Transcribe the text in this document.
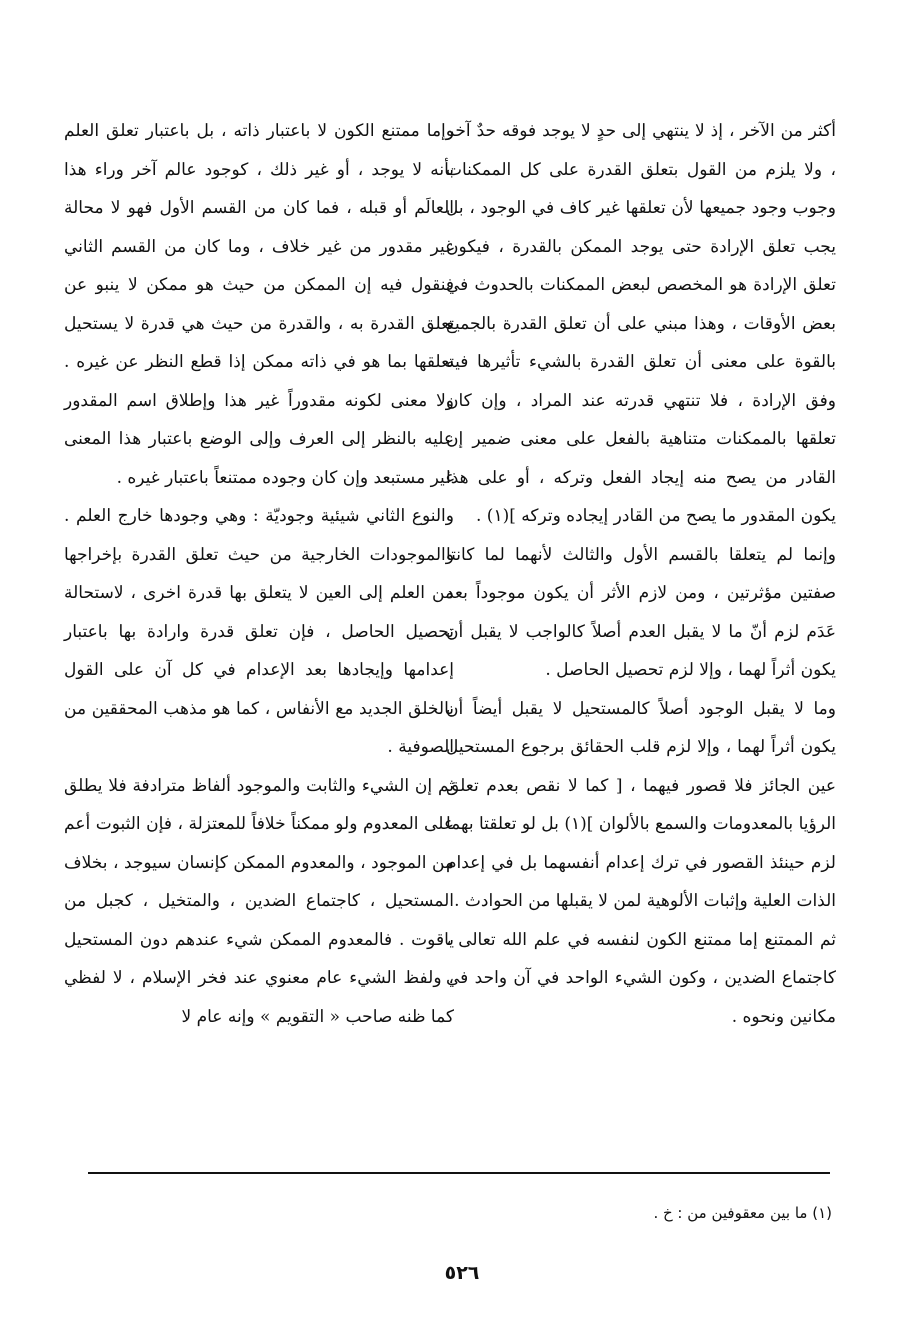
أكثر من الآخر ، إذ لا ينتهي إلى حدٍ لا يوجد فوقه حدٌ آخر ، ولا يلزم من القول بتعلق القدرة على كل الممكنات وجوب وجود جميعها لأن تعلقها غير كاف في الوجود ، بل يجب تعلق الإرادة حتى يوجد الممكن بالقدرة ، فيكون تعلق الإرادة هو المخصص لبعض الممكنات بالحدوث في بعض الأوقات ، وهذا مبني على أن تعلق القدرة بالجميع بالقوة على معنى أن تعلق القدرة بالشيء تأثيرها فيه وفق الإرادة ، فلا تنتهي قدرته عند المراد ، وإن كان تعلقها بالممكنات متناهية بالفعل على معنى ضمير إن القادر من يصح منه إيجاد الفعل وتركه ، أو على هذا يكون المقدور ما يصح من القادر إيجاده وتركه ](١) .

وإنما لم يتعلقا بالقسم الأول والثالث لأنهما لما كانتا صفتين مؤثرتين ، ومن لازم الأثر أن يكون موجوداً بعد عَدَم لزم أنّ ما لا يقبل العدم أصلاً كالواجب لا يقبل أن يكون أثراً لهما ، وإلا لزم تحصيل الحاصل .

وما لا يقبل الوجود أصلاً كالمستحيل لا يقبل أيضاً أن يكون أثراً لهما ، وإلا لزم قلب الحقائق برجوع المستحيل عين الجائز فلا قصور فيهما ، [ كما لا نقص بعدم تعلق الرؤيا بالمعدومات والسمع بالألوان ](١) بل لو تعلقتا بهما لزم حينئذ القصور في ترك إعدام أنفسهما بل في إعدام الذات العلية وإثبات الألوهية لمن لا يقبلها من الحوادث .

ثم الممتنع إما ممتنع الكون لنفسه في علم الله تعالى ، كاجتماع الضدين ، وكون الشيء الواحد في آن واحد في مكانين ونحوه .

وإما ممتنع الكون لا باعتبار ذاته ، بل باعتبار تعلق العلم بأنه لا يوجد ، أو غير ذلك ، كوجود عالم آخر وراء هذا العالَم أو قبله ، فما كان من القسم الأول فهو لا محالة غير مقدور من غير خلاف ، وما كان من القسم الثاني فنقول فيه إن الممكن من حيث هو ممكن لا ينبو عن تعلق القدرة به ، والقدرة من حيث هي قدرة لا يستحيل تعلقها بما هو في ذاته ممكن إذا قطع النظر عن غيره . ولا معنى لكونه مقدوراً غير هذا وإطلاق اسم المقدور عليه بالنظر إلى العرف وإلى الوضع باعتبار هذا المعنى غير مستبعد وإن كان وجوده ممتنعاً باعتبار غيره .

والنوع الثاني شيئية وجوديّة : وهي وجودها خارج العلم . والموجودات الخارجية من حيث تعلق القدرة بإخراجها من العلم إلى العين لا يتعلق بها قدرة اخرى ، لاستحالة تحصيل الحاصل ، فإن تعلق قدرة وارادة بها باعتبار إعدامها وإيجادها بعد الإعدام في كل آن على القول بالخلق الجديد مع الأنفاس ، كما هو مذهب المحققين من الصوفية .

ثم إن الشيء والثابت والموجود ألفاظ مترادفة فلا يطلق على المعدوم ولو ممكناً خلافاً للمعتزلة ، فإن الثبوت أعم من الموجود ، والمعدوم الممكن كإنسان سيوجد ، بخلاف المستحيل ، كاجتماع الضدين ، والمتخيل ، كجبل من ياقوت . فالمعدوم الممكن شيء عندهم دون المستحيل ، ولفظ الشيء عام معنوي عند فخر الإسلام ، لا لفظي كما ظنه صاحب « التقويم » وإنه عام لا

(١) ما بين معقوفين من : خ .
٥٢٦
